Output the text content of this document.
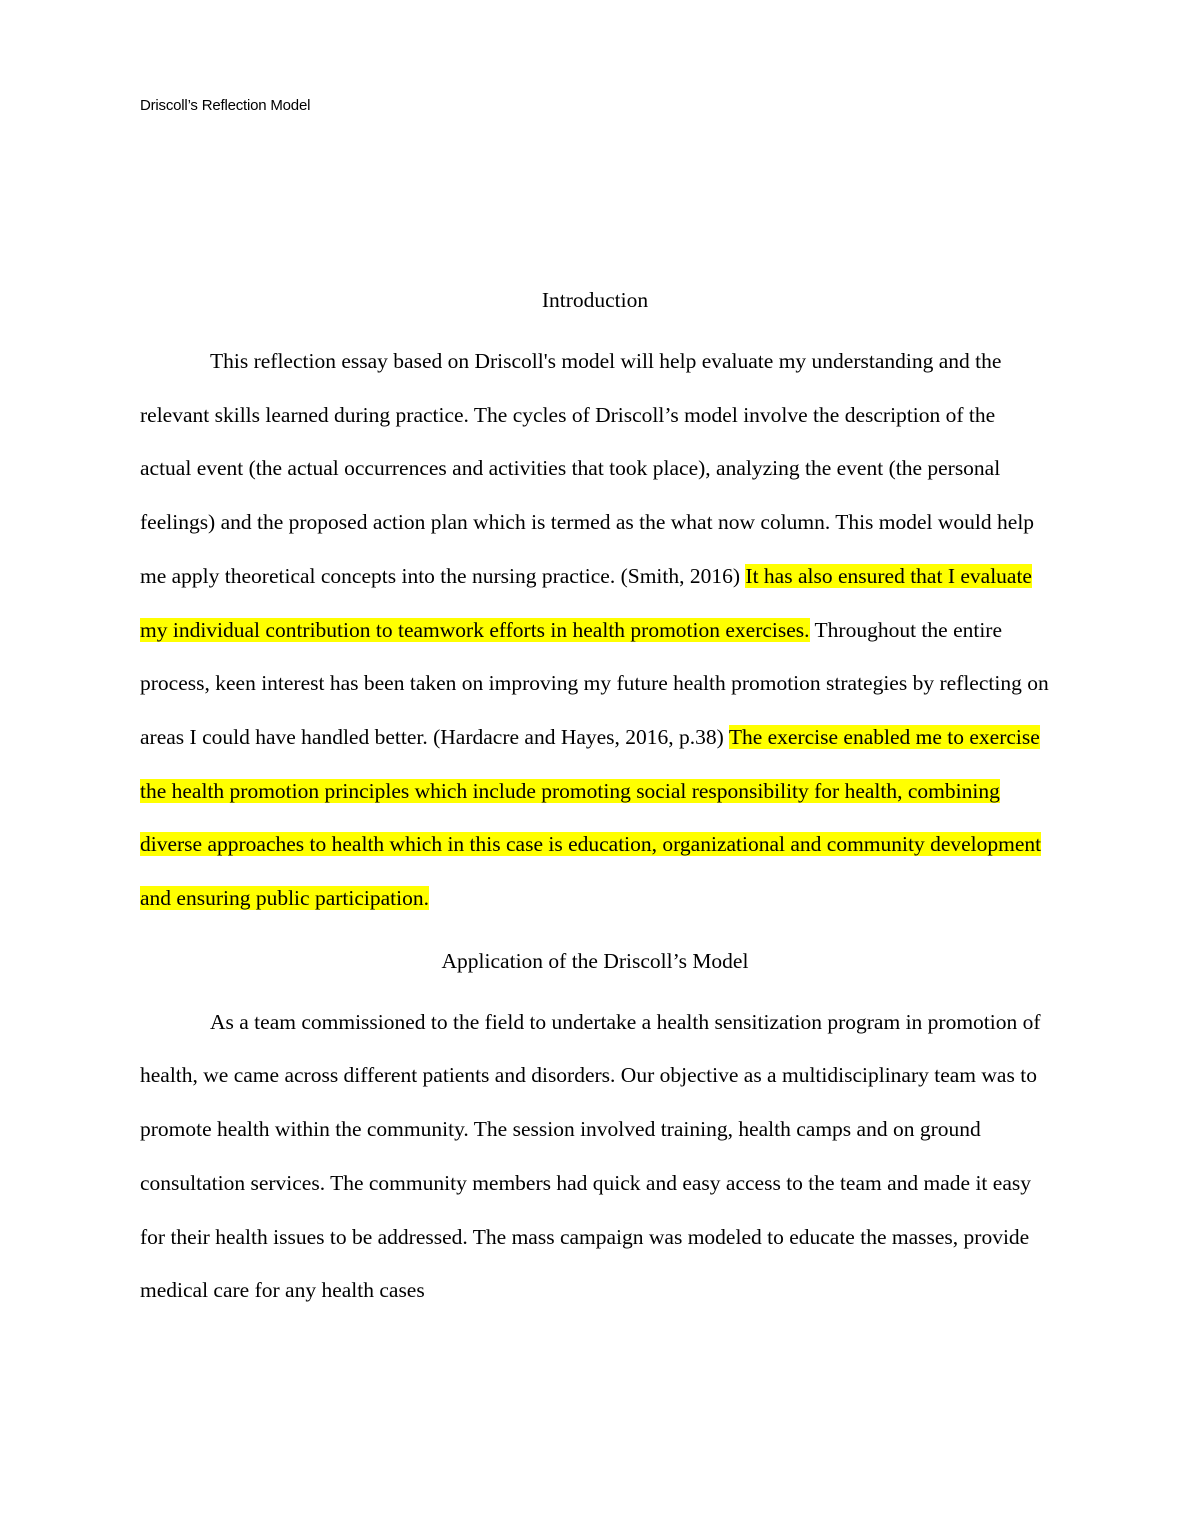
Driscoll’s Reflection Model
Introduction

This reflection essay based on Driscoll's model will help evaluate my understanding and the relevant skills learned during practice. The cycles of Driscoll’s model involve the description of the actual event (the actual occurrences and activities that took place), analyzing the event (the personal feelings) and the proposed action plan which is termed as the what now column. This model would help me apply theoretical concepts into the nursing practice. (Smith, 2016) It has also ensured that I evaluate my individual contribution to teamwork efforts in health promotion exercises. Throughout the entire process, keen interest has been taken on improving my future health promotion strategies by reflecting on areas I could have handled better. (Hardacre and Hayes, 2016, p.38) The exercise enabled me to exercise the health promotion principles which include promoting social responsibility for health, combining diverse approaches to health which in this case is education, organizational and community development and ensuring public participation.

Application of the Driscoll’s Model

As a team commissioned to the field to undertake a health sensitization program in promotion of health, we came across different patients and disorders. Our objective as a multidisciplinary team was to promote health within the community. The session involved training, health camps and on ground consultation services. The community members had quick and easy access to the team and made it easy for their health issues to be addressed. The mass campaign was modeled to educate the masses, provide medical care for any health cases
